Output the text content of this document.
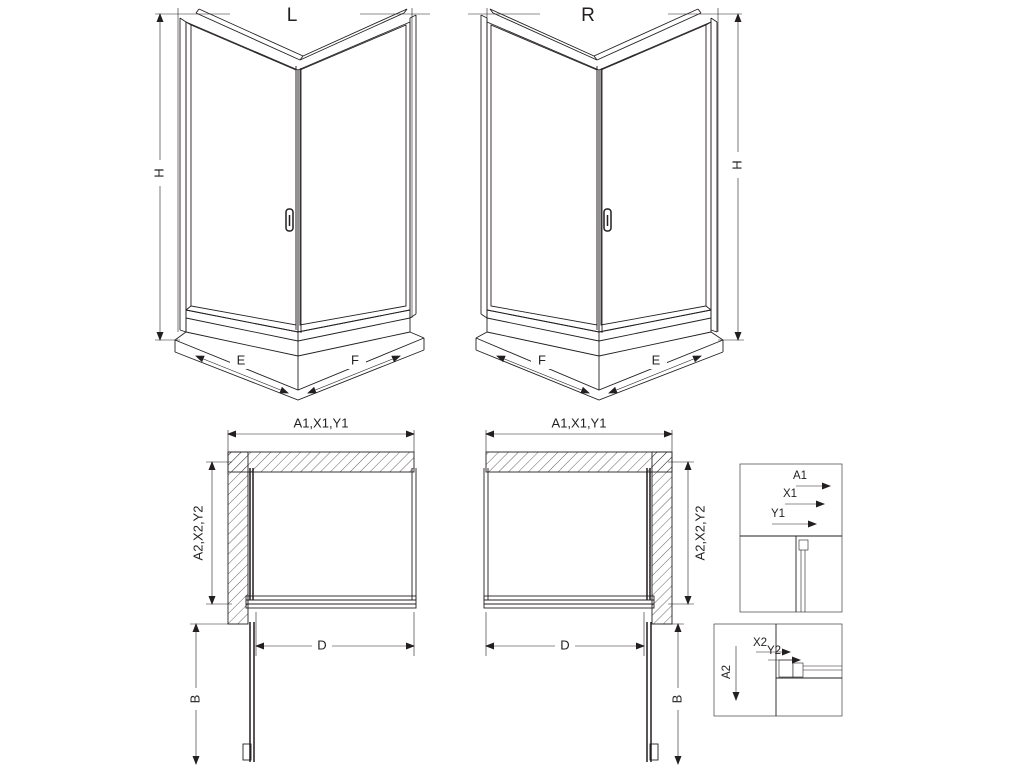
H
E	F
L
H
F	E
R
A1,X1,Y1
A2,X2,Y2
D
B
A1,X1,Y1
A2,X2,Y2
D
B
A1
X1
Y1
A2
X2
Y2
